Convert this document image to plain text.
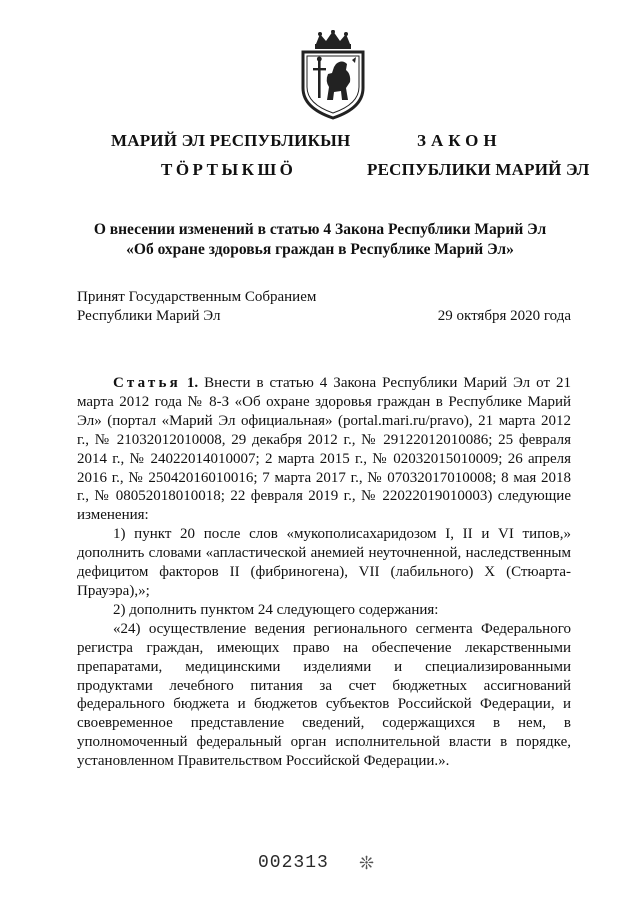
МАРИЙ ЭЛ РЕСПУБЛИКЫН
ТӦРТЫКШӦ
ЗАКОН
РЕСПУБЛИКИ МАРИЙ ЭЛ
О внесении изменений в статью 4 Закона Республики Марий Эл
«Об охране здоровья граждан в Республике Марий Эл»
Принят Государственным Собранием
Республики Марий Эл	29 октября 2020 года

Статья 1. Внести в статью 4 Закона Республики Марий Эл от 21 марта 2012 года № 8-З «Об охране здоровья граждан в Республике Марий Эл» (портал «Марий Эл официальная» (portal.mari.ru/pravo), 21 марта 2012 г., № 21032012010008, 29 декабря 2012 г., № 29122012010086; 25 февраля 2014 г., № 24022014010007; 2 марта 2015 г., № 02032015010009; 26 апреля 2016 г., № 25042016010016; 7 марта 2017 г., № 07032017010008; 8 мая 2018 г., № 08052018010018; 22 февраля 2019 г., № 22022019010003) следующие изменения:

1) пункт 20 после слов «мукополисахаридозом I, II и VI типов,» дополнить словами «апластической анемией неуточненной, наследственным дефицитом факторов II (фибриногена), VII (лабильного) X (Стюарта-Прауэра),»;

2) дополнить пунктом 24 следующего содержания:

«24) осуществление ведения регионального сегмента Федерального регистра граждан, имеющих право на обеспечение лекарственными препаратами, медицинскими изделиями и специализированными продуктами лечебного питания за счет бюджетных ассигнований федерального бюджета и бюджетов субъектов Российской Федерации, и своевременное представление сведений, содержащихся в нем, в уполномоченный федеральный орган исполнительной власти в порядке, установленном Правительством Российской Федерации.».

002313 ❊
